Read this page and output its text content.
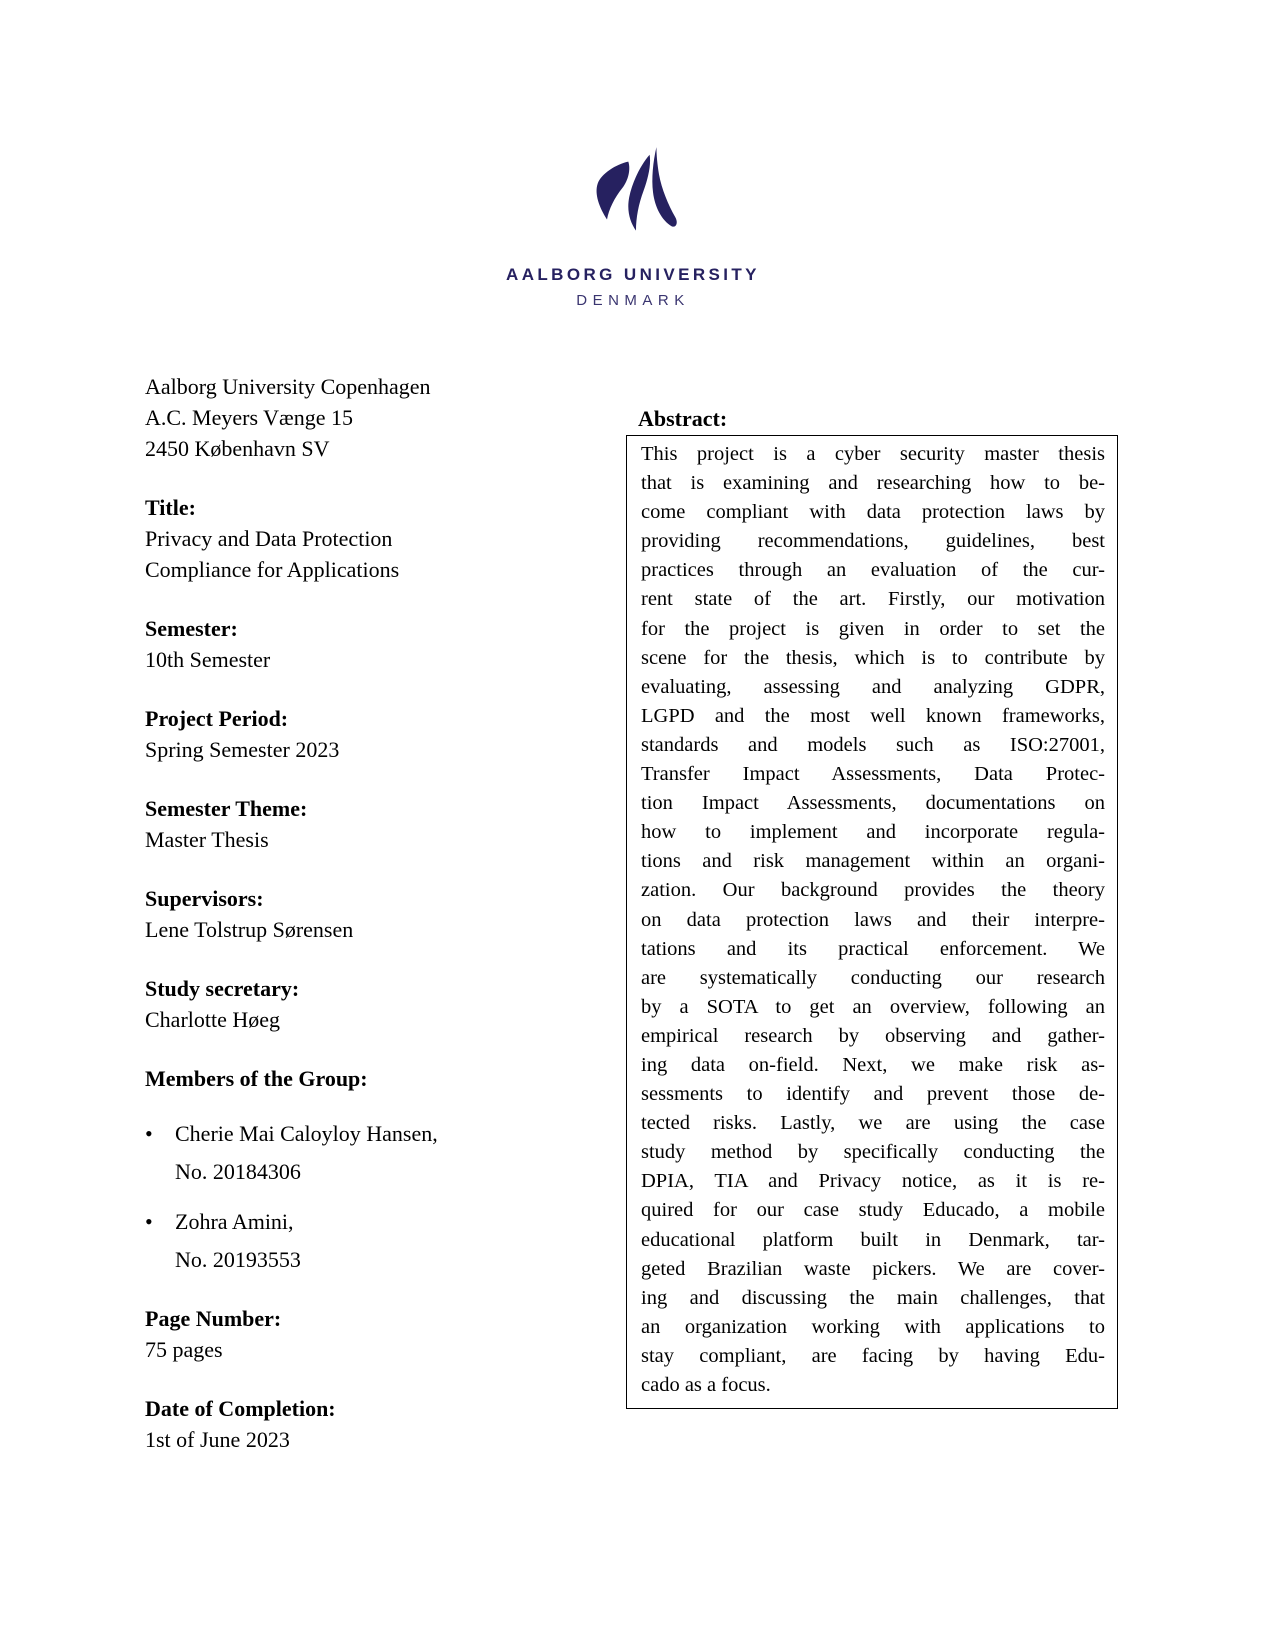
AALBORG UNIVERSITY
DENMARK
Aalborg University Copenhagen
A.C. Meyers Vænge 15
2450 København SV
Title:
Privacy and Data Protection
Compliance for Applications
Semester:
10th Semester
Project Period:
Spring Semester 2023
Semester Theme:
Master Thesis
Supervisors:
Lene Tolstrup Sørensen
Study secretary:
Charlotte Høeg
Members of the Group:
•	Cherie Mai Caloyloy Hansen,
No. 20184306
•	Zohra Amini,
No. 20193553
Page Number:
75 pages
Date of Completion:
1st of June 2023
Abstract:
This project is a cyber security master thesis
that is examining and researching how to be-
come compliant with data protection laws by
providing recommendations, guidelines, best
practices through an evaluation of the cur-
rent state of the art. Firstly, our motivation
for the project is given in order to set the
scene for the thesis, which is to contribute by
evaluating, assessing and analyzing GDPR,
LGPD and the most well known frameworks,
standards and models such as ISO:27001,
Transfer Impact Assessments, Data Protec-
tion Impact Assessments, documentations on
how to implement and incorporate regula-
tions and risk management within an organi-
zation. Our background provides the theory
on data protection laws and their interpre-
tations and its practical enforcement. We
are systematically conducting our research
by a SOTA to get an overview, following an
empirical research by observing and gather-
ing data on-field. Next, we make risk as-
sessments to identify and prevent those de-
tected risks. Lastly, we are using the case
study method by specifically conducting the
DPIA, TIA and Privacy notice, as it is re-
quired for our case study Educado, a mobile
educational platform built in Denmark, tar-
geted Brazilian waste pickers. We are cover-
ing and discussing the main challenges, that
an organization working with applications to
stay compliant, are facing by having Edu-
cado as a focus.
